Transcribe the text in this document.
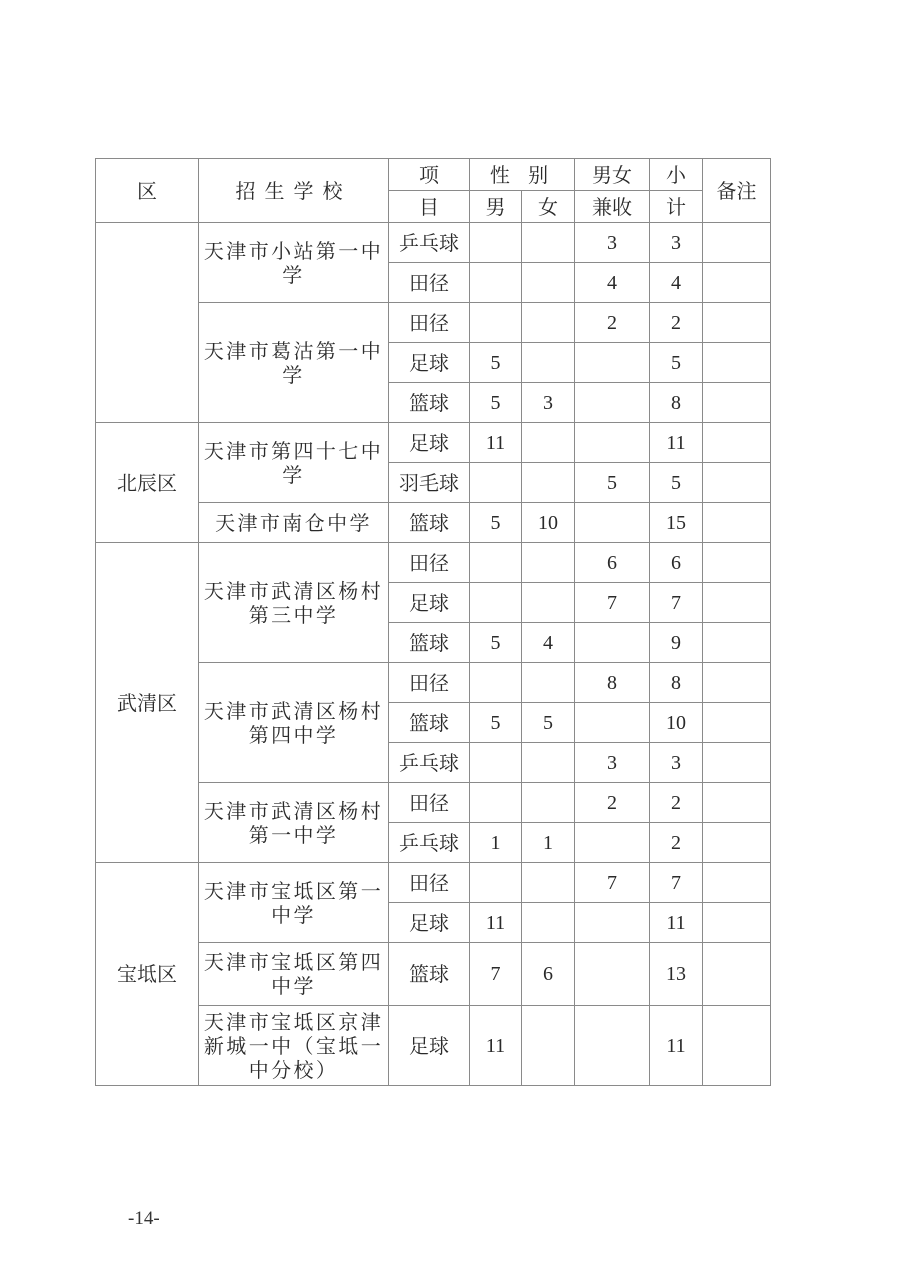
区	招生学校	项	性 别		男女	小	备注
		目	男	女	兼收	计	
	天津市小站第一中学	乒乓球			3	3	
		田径			4	4	
	天津市葛沽第一中学	田径			2	2	
		足球	5			5	
		篮球	5	3		8	
北辰区	天津市第四十七中学	足球	11			11	
		羽毛球			5	5	
	天津市南仓中学	篮球	5	10		15	
武清区	天津市武清区杨村第三中学	田径			6	6	
		足球			7	7	
		篮球	5	4		9	
	天津市武清区杨村第四中学	田径			8	8	
		篮球	5	5		10	
		乒乓球			3	3	
	天津市武清区杨村第一中学	田径			2	2	
		乒乓球	1	1		2	
宝坻区	天津市宝坻区第一中学	田径			7	7	
		足球	11			11	
	天津市宝坻区第四中学	篮球	7	6		13	
	天津市宝坻区京津新城一中（宝坻一中分校）	足球	11			11	
-14-
